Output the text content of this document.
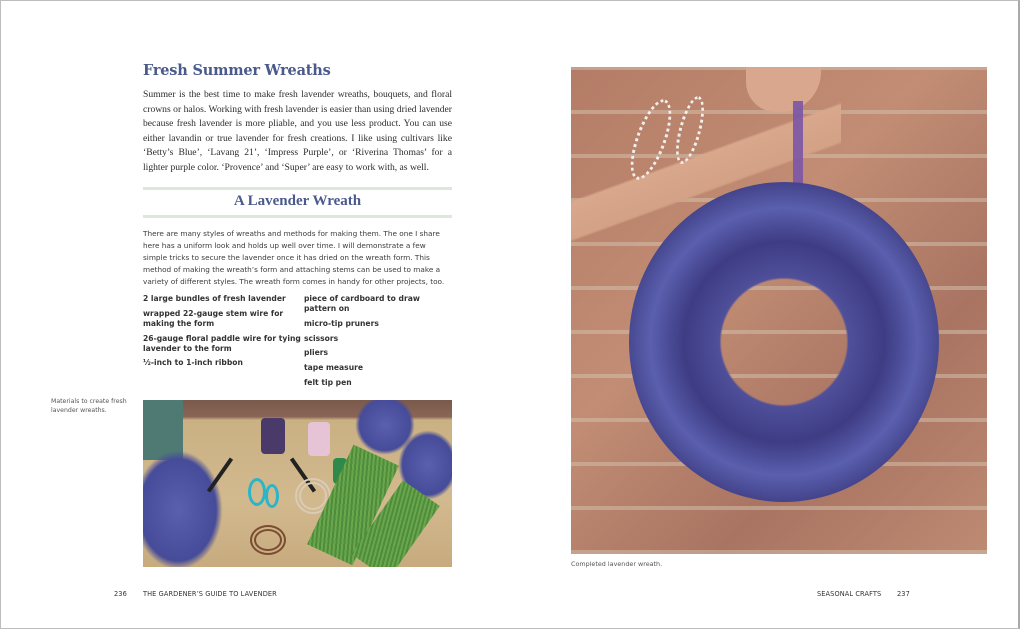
Fresh Summer Wreaths

Summer is the best time to make fresh lavender wreaths, bouquets, and floral crowns or halos. Working with fresh lavender is easier than using dried lavender because fresh lavender is more pliable, and you use less product. You can use either lavandin or true lavender for fresh creations. I like using cultivars like ‘Betty’s Blue’, ‘Lavang 21’, ‘Impress Purple’, or ‘Riverina Thomas’ for a lighter purple color. ‘Provence’ and ‘Super’ are easy to work with, as well.

A Lavender Wreath

There are many styles of wreaths and methods for making them. The one I share here has a uniform look and holds up well over time. I will demonstrate a few simple tricks to secure the lavender once it has dried on the wreath form. This method of making the wreath’s form and attaching stems can be used to make a variety of different styles. The wreath form comes in handy for other projects, too.

2 large bundles of fresh lavender
wrapped 22-gauge stem wire for making the form
26-gauge floral paddle wire for tying lavender to the form
½-inch to 1-inch ribbon
piece of cardboard to draw pattern on
micro-tip pruners
scissors
pliers
tape measure
felt tip pen
Materials to create fresh lavender wreaths.
236 THE GARDENER’S GUIDE TO LAVENDER
Completed lavender wreath.
SEASONAL CRAFTS 237
